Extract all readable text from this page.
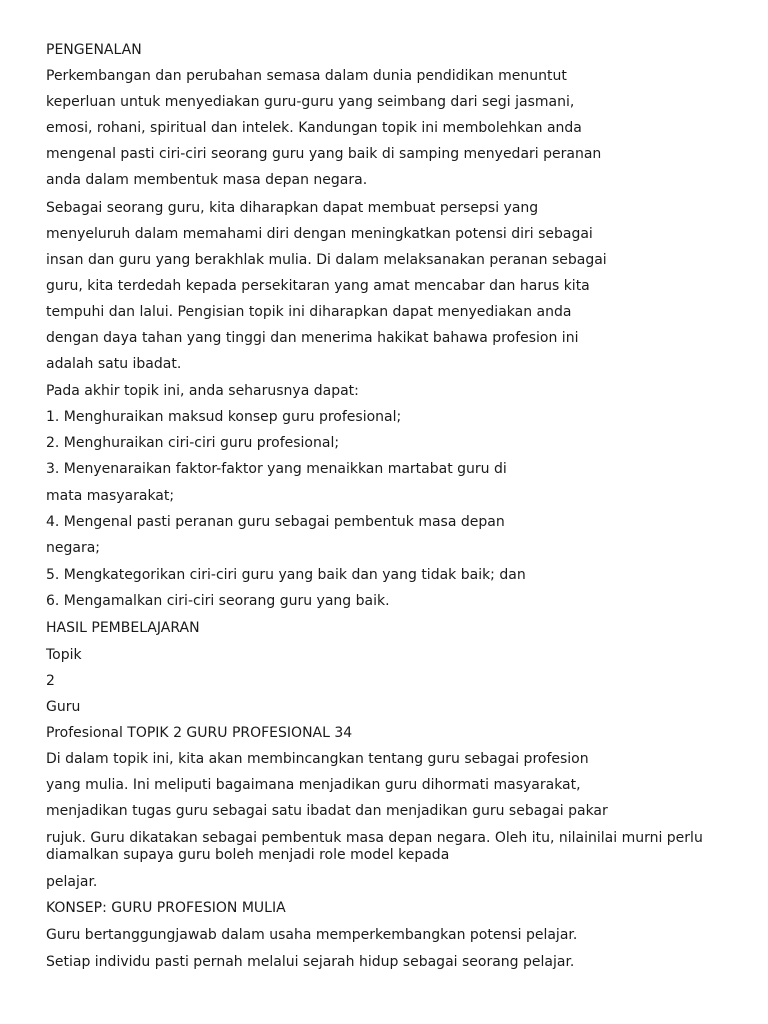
PENGENALAN
Perkembangan dan perubahan semasa dalam dunia pendidikan menuntut
keperluan untuk menyediakan guru-guru yang seimbang dari segi jasmani,
emosi, rohani, spiritual dan intelek. Kandungan topik ini membolehkan anda
mengenal pasti ciri-ciri seorang guru yang baik di samping menyedari peranan
anda dalam membentuk masa depan negara.
Sebagai seorang guru, kita diharapkan dapat membuat persepsi yang
menyeluruh dalam memahami diri dengan meningkatkan potensi diri sebagai
insan dan guru yang berakhlak mulia. Di dalam melaksanakan peranan sebagai
guru, kita terdedah kepada persekitaran yang amat mencabar dan harus kita
tempuhi dan lalui. Pengisian topik ini diharapkan dapat menyediakan anda
dengan daya tahan yang tinggi dan menerima hakikat bahawa profesion ini
adalah satu ibadat.
Pada akhir topik ini, anda seharusnya dapat:
1. Menghuraikan maksud konsep guru profesional;
2. Menghuraikan ciri-ciri guru profesional;
3. Menyenaraikan faktor-faktor yang menaikkan martabat guru di
mata masyarakat;
4. Mengenal pasti peranan guru sebagai pembentuk masa depan
negara;
5. Mengkategorikan ciri-ciri guru yang baik dan yang tidak baik; dan
6. Mengamalkan ciri-ciri seorang guru yang baik.
HASIL PEMBELAJARAN
Topik
2
Guru
Profesional TOPIK 2 GURU PROFESIONAL 34
Di dalam topik ini, kita akan membincangkan tentang guru sebagai profesion
yang mulia. Ini meliputi bagaimana menjadikan guru dihormati masyarakat,
menjadikan tugas guru sebagai satu ibadat dan menjadikan guru sebagai pakar
rujuk. Guru dikatakan sebagai pembentuk masa depan negara. Oleh itu, nilainilai murni perlu diamalkan supaya guru boleh menjadi role model kepada
pelajar.
KONSEP: GURU PROFESION MULIA
Guru bertanggungjawab dalam usaha memperkembangkan potensi pelajar.
Setiap individu pasti pernah melalui sejarah hidup sebagai seorang pelajar.
